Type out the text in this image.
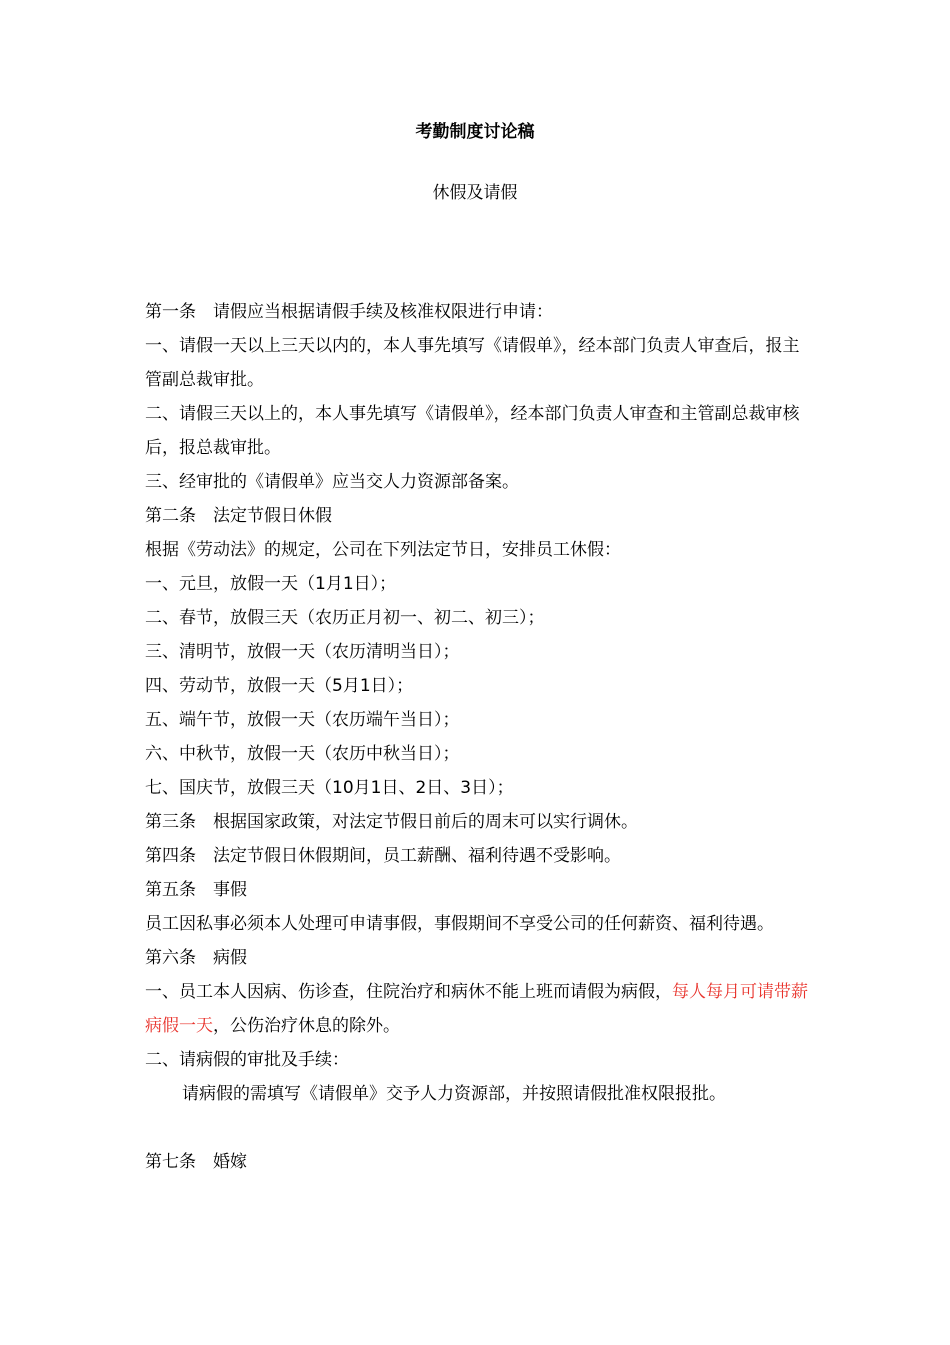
考勤制度讨论稿
休假及请假

第一条　请假应当根据请假手续及核准权限进行申请：

一、请假一天以上三天以内的，本人事先填写《请假单》，经本部门负责人审查后，报主管副总裁审批。

二、请假三天以上的，本人事先填写《请假单》，经本部门负责人审查和主管副总裁审核后，报总裁审批。

三、经审批的《请假单》应当交人力资源部备案。

第二条　法定节假日休假

根据《劳动法》的规定，公司在下列法定节日，安排员工休假：

一、元旦，放假一天（1月1日）；

二、春节，放假三天（农历正月初一、初二、初三）；

三、清明节，放假一天（农历清明当日）；

四、劳动节，放假一天（5月1日）；

五、端午节，放假一天（农历端午当日）；

六、中秋节，放假一天（农历中秋当日）；

七、国庆节，放假三天（10月1日、2日、3日）；

第三条　根据国家政策，对法定节假日前后的周末可以实行调休。

第四条　法定节假日休假期间，员工薪酬、福利待遇不受影响。

第五条　事假

员工因私事必须本人处理可申请事假，事假期间不享受公司的任何薪资、福利待遇。

第六条　病假

一、员工本人因病、伤诊查，住院治疗和病休不能上班而请假为病假，每人每月可请带薪病假一天，公伤治疗休息的除外。

二、请病假的审批及手续：

请病假的需填写《请假单》交予人力资源部，并按照请假批准权限报批。

第七条　婚嫁
